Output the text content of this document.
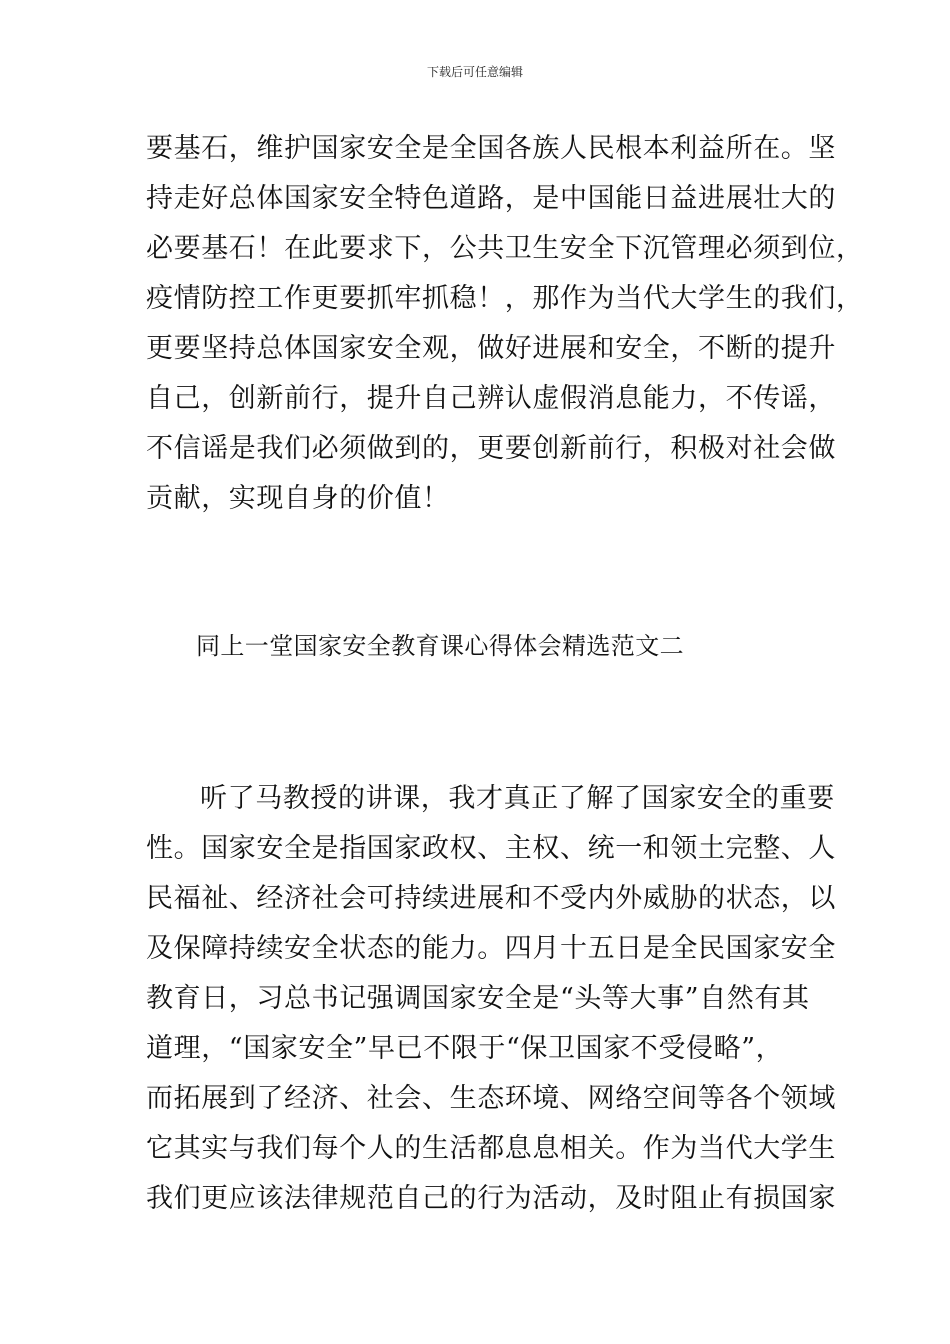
下载后可任意编辑
要基石，维护国家安全是全国各族人民根本利益所在。坚
持走好总体国家安全特色道路，是中国能日益进展壮大的
必要基石！在此要求下，公共卫生安全下沉管理必须到位，
疫情防控工作更要抓牢抓稳！，那作为当代大学生的我们，
更要坚持总体国家安全观，做好进展和安全，不断的提升
自己，创新前行，提升自己辨认虚假消息能力，不传谣，
不信谣是我们必须做到的，更要创新前行，积极对社会做
贡献，实现自身的价值！
同上一堂国家安全教育课心得体会精选范文二
听了马教授的讲课，我才真正了解了国家安全的重要
性。国家安全是指国家政权、主权、统一和领土完整、人
民福祉、经济社会可持续进展和不受内外威胁的状态，以
及保障持续安全状态的能力。四月十五日是全民国家安全
教育日，习总书记强调国家安全是“头等大事”自然有其
道理，“国家安全”早已不限于“保卫国家不受侵略”，
而拓展到了经济、社会、生态环境、网络空间等各个领域
它其实与我们每个人的生活都息息相关。作为当代大学生
我们更应该法律规范自己的行为活动，及时阻止有损国家
